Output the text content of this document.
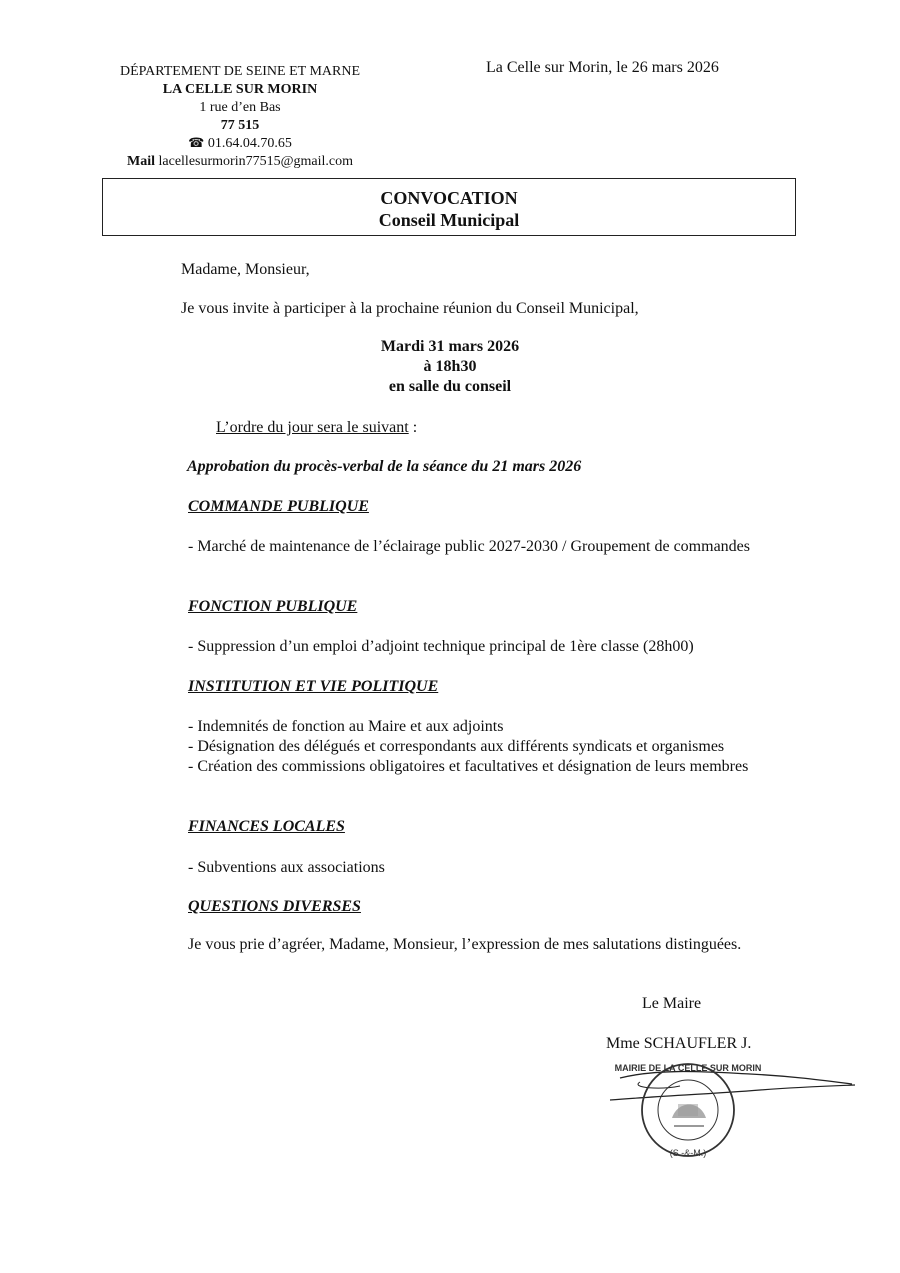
DÉPARTEMENT DE SEINE ET MARNE
LA CELLE SUR MORIN
1 rue d’en Bas
77 515
☎ 01.64.04.70.65
Mail lacellesurmorin77515@gmail.com
La Celle sur Morin, le 26 mars 2026
CONVOCATION
Conseil Municipal
Madame, Monsieur,
Je vous invite à participer à la prochaine réunion du Conseil Municipal,
Mardi 31 mars 2026
à 18h30
en salle du conseil
L’ordre du jour sera le suivant :
Approbation du procès-verbal de la séance du 21 mars 2026
COMMANDE PUBLIQUE
- Marché de maintenance de l’éclairage public 2027-2030 / Groupement de commandes
FONCTION PUBLIQUE
- Suppression d’un emploi d’adjoint technique principal de 1ère classe (28h00)
INSTITUTION ET VIE POLITIQUE
- Indemnités de fonction au Maire et aux adjoints
- Désignation des délégués et correspondants aux différents syndicats et organismes
- Création des commissions obligatoires et facultatives et désignation de leurs membres
FINANCES LOCALES
- Subventions aux associations
QUESTIONS DIVERSES
Je vous prie d’agréer, Madame, Monsieur, l’expression de mes salutations distinguées.
Le Maire
Mme SCHAUFLER J.
MAIRIE DE LA CELLE SUR MORIN
(S.-&-M.)
